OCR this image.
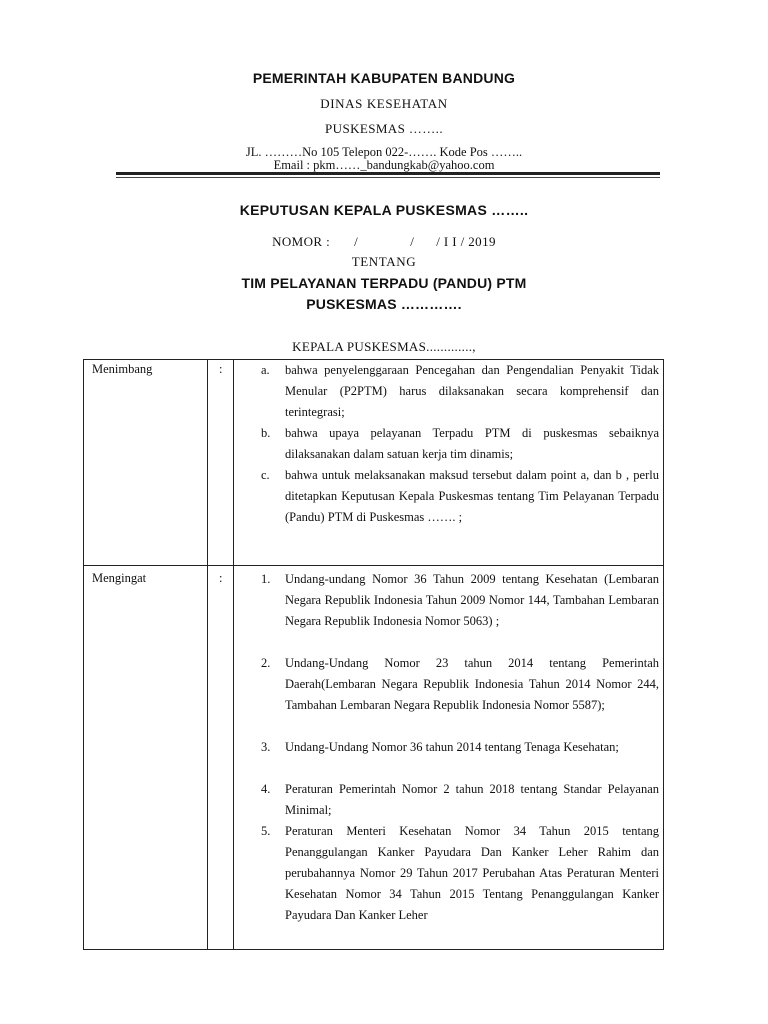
PEMERINTAH KABUPATEN BANDUNG
DINAS KESEHATAN
PUSKESMAS ……..
JL. ………No 105 Telepon 022-……. Kode Pos ……..
Email : pkm……_bandungkab@yahoo.com
KEPUTUSAN KEPALA PUSKESMAS ……..
NOMOR : /	/ / I I / 2019
TENTANG
TIM PELAYANAN TERPADU (PANDU) PTM
PUSKESMAS ………….
KEPALA PUSKESMAS.............,
Menimbang	:	a. bahwa penyelenggaraan Pencegahan dan Pengendalian Penyakit Tidak Menular (P2PTM) harus dilaksanakan secara komprehensif dan terintegrasi;

b. bahwa upaya pelayanan Terpadu PTM di puskesmas sebaiknya dilaksanakan dalam satuan kerja tim dinamis;

c. bahwa untuk melaksanakan maksud tersebut dalam point a, dan b , perlu ditetapkan Keputusan Kepala Puskesmas tentang Tim Pelayanan Terpadu (Pandu) PTM di Puskesmas ……. ;

Mengingat	:	1. Undang-undang Nomor 36 Tahun 2009 tentang Kesehatan (Lembaran Negara Republik Indonesia Tahun 2009 Nomor 144, Tambahan Lembaran Negara Republik Indonesia Nomor 5063) ;

2. Undang-Undang Nomor 23 tahun 2014 tentang Pemerintah Daerah(Lembaran Negara Republik Indonesia Tahun 2014 Nomor 244, Tambahan Lembaran Negara Republik Indonesia Nomor 5587);

3. Undang-Undang Nomor 36 tahun 2014 tentang Tenaga Kesehatan;

4. Peraturan Pemerintah Nomor 2 tahun 2018 tentang Standar Pelayanan Minimal;

5. Peraturan Menteri Kesehatan Nomor 34 Tahun 2015 tentang Penanggulangan Kanker Payudara Dan Kanker Leher Rahim dan perubahannya Nomor 29 Tahun 2017 Perubahan Atas Peraturan Menteri Kesehatan Nomor 34 Tahun 2015 Tentang Penanggulangan Kanker Payudara Dan Kanker Leher
